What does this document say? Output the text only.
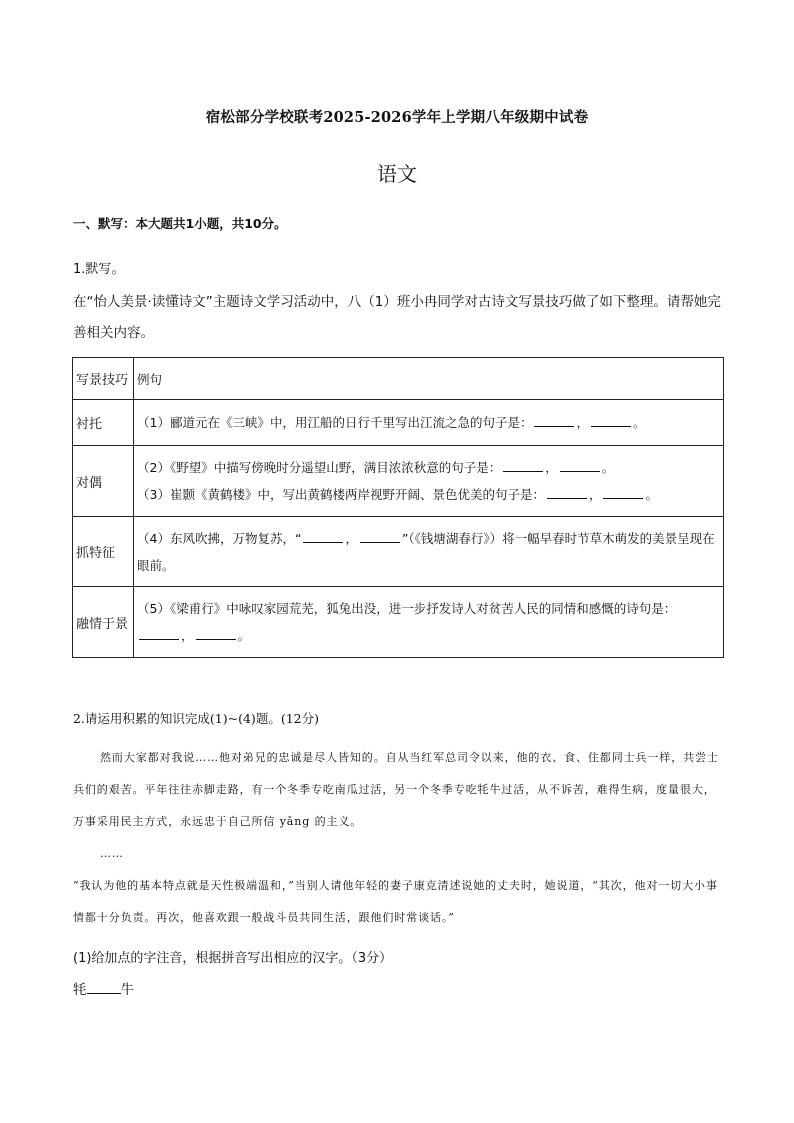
宿松部分学校联考2025-2026学年上学期八年级期中试卷
语文
一、默写：本大题共1小题，共10分。
1.默写。
在“怡人美景·读懂诗文”主题诗文学习活动中，八（1）班小冉同学对古诗文写景技巧做了如下整理。请帮她完善相关内容。
写景技巧	例句
衬托	（1）郦道元在《三峡》中，用江船的日行千里写出江流之急的句子是： ， 。

对偶	（2）《野望》中描写傍晚时分遥望山野，满目浓浓秋意的句子是： ， 。
（3）崔颢《黄鹤楼》中，写出黄鹤楼两岸视野开阔、景色优美的句子是： ， 。

抓特征	（4）东风吹拂，万物复苏，“ ， ”（《钱塘湖春行》）将一幅早春时节草木萌发的美景呈现在眼前。

融情于景	（5）《梁甫行》中咏叹家园荒芜，狐兔出没，进一步抒发诗人对贫苦人民的同情和感慨的诗句是：， 。
2.请运用积累的知识完成(1)~(4)题。(12分)

然而大家都对我说……他对弟兄的忠诚是尽人皆知的。自从当红军总司令以来，他的衣、食、住都同士兵一样，共尝士兵们的艰苦。平年往往赤脚走路，有一个冬季专吃南瓜过活，另一个冬季专吃牦牛过活，从不诉苦，难得生病，度量很大，万事采用民主方式，永远忠于自己所信 yǎng 的主义。

……

“我认为他的基本特点就是天性极端温和，”当别人请他年轻的妻子康克清述说她的丈夫时，她说道，“其次，他对一切大小事情都十分负责。再次，他喜欢跟一般战斗员共同生活，跟他们时常谈话。”

(1)给加点的字注音，根据拼音写出相应的汉字。（3分）
牦	牛
